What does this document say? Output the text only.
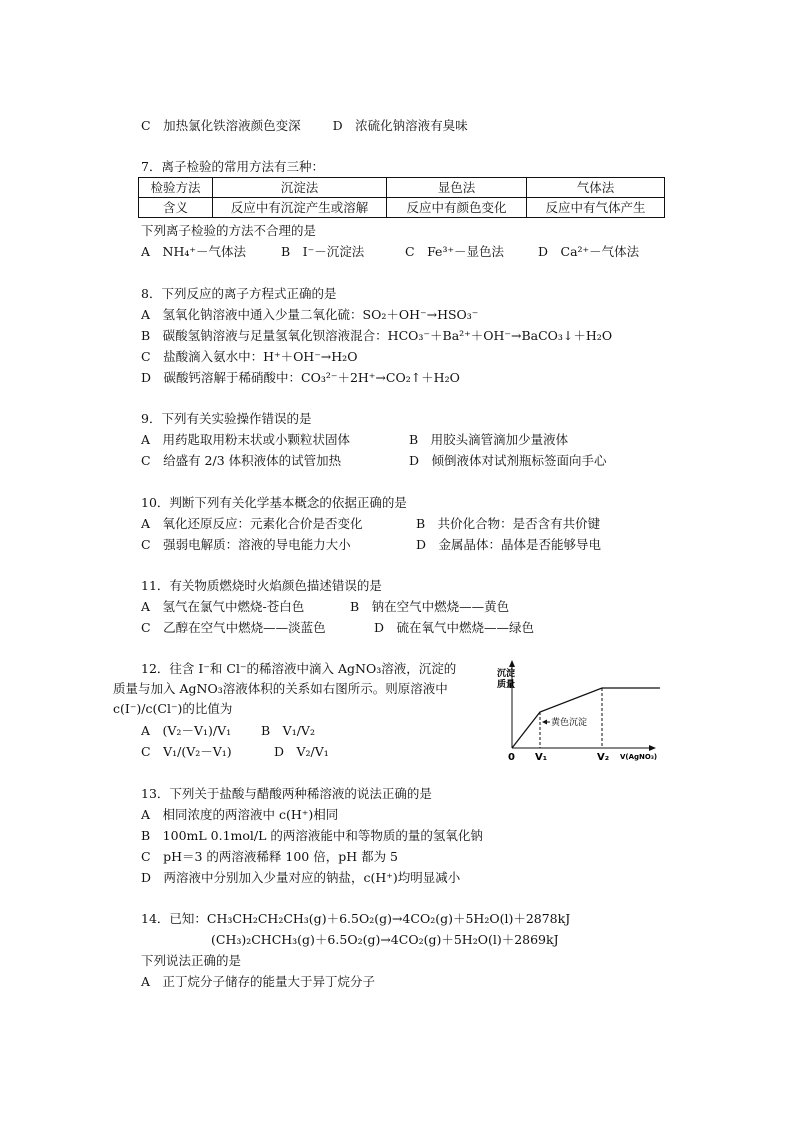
C　加热氯化铁溶液颜色变深	D　浓硫化钠溶液有臭味
7．离子检验的常用方法有三种：
检验方法	沉淀法	显色法	气体法
含义	反应中有沉淀产生或溶解	反应中有颜色变化	反应中有气体产生
下列离子检验的方法不合理的是
A　NH₄⁺－气体法	B　I⁻－沉淀法	C　Fe³⁺－显色法	D　Ca²⁺－气体法
8．下列反应的离子方程式正确的是
A　氢氧化钠溶液中通入少量二氧化硫：SO₂＋OH⁻→HSO₃⁻
B　碳酸氢钠溶液与足量氢氧化钡溶液混合：HCO₃⁻＋Ba²⁺＋OH⁻→BaCO₃↓＋H₂O
C　盐酸滴入氨水中：H⁺＋OH⁻→H₂O
D　碳酸钙溶解于稀硝酸中：CO₃²⁻＋2H⁺→CO₂↑＋H₂O
9．下列有关实验操作错误的是
A　用药匙取用粉末状或小颗粒状固体	B　用胶头滴管滴加少量液体
C　给盛有 2/3 体积液体的试管加热	D　倾倒液体对试剂瓶标签面向手心
10．判断下列有关化学基本概念的依据正确的是
A　氧化还原反应：元素化合价是否变化	B　共价化合物：是否含有共价键
C　强弱电解质：溶液的导电能力大小	D　金属晶体：晶体是否能够导电
11．有关物质燃烧时火焰颜色描述错误的是
A　氢气在氯气中燃烧-苍白色	B　钠在空气中燃烧——黄色
C　乙醇在空气中燃烧——淡蓝色	D　硫在氧气中燃烧——绿色
12．往含 I⁻和 Cl⁻的稀溶液中滴入 AgNO₃溶液，沉淀的
质量与加入 AgNO₃溶液体积的关系如右图所示。则原溶液中
c(I⁻)/c(Cl⁻)的比值为
A　(V₂－V₁)/V₁ B　V₁/V₂
C　V₁/(V₂－V₁)	D　V₂/V₁
沉淀
质量
黄色沉淀
0 V₁	V₂ V(AgNO₃)
13．下列关于盐酸与醋酸两种稀溶液的说法正确的是
A　相同浓度的两溶液中 c(H⁺)相同
B　100mL 0.1mol/L 的两溶液能中和等物质的量的氢氧化钠
C　pH＝3 的两溶液稀释 100 倍，pH 都为 5
D　两溶液中分别加入少量对应的钠盐，c(H⁺)均明显减小
14．已知：CH₃CH₂CH₂CH₃(g)＋6.5O₂(g)→4CO₂(g)＋5H₂O(l)＋2878kJ
(CH₃)₂CHCH₃(g)＋6.5O₂(g)→4CO₂(g)＋5H₂O(l)＋2869kJ
下列说法正确的是
A　正丁烷分子储存的能量大于异丁烷分子
